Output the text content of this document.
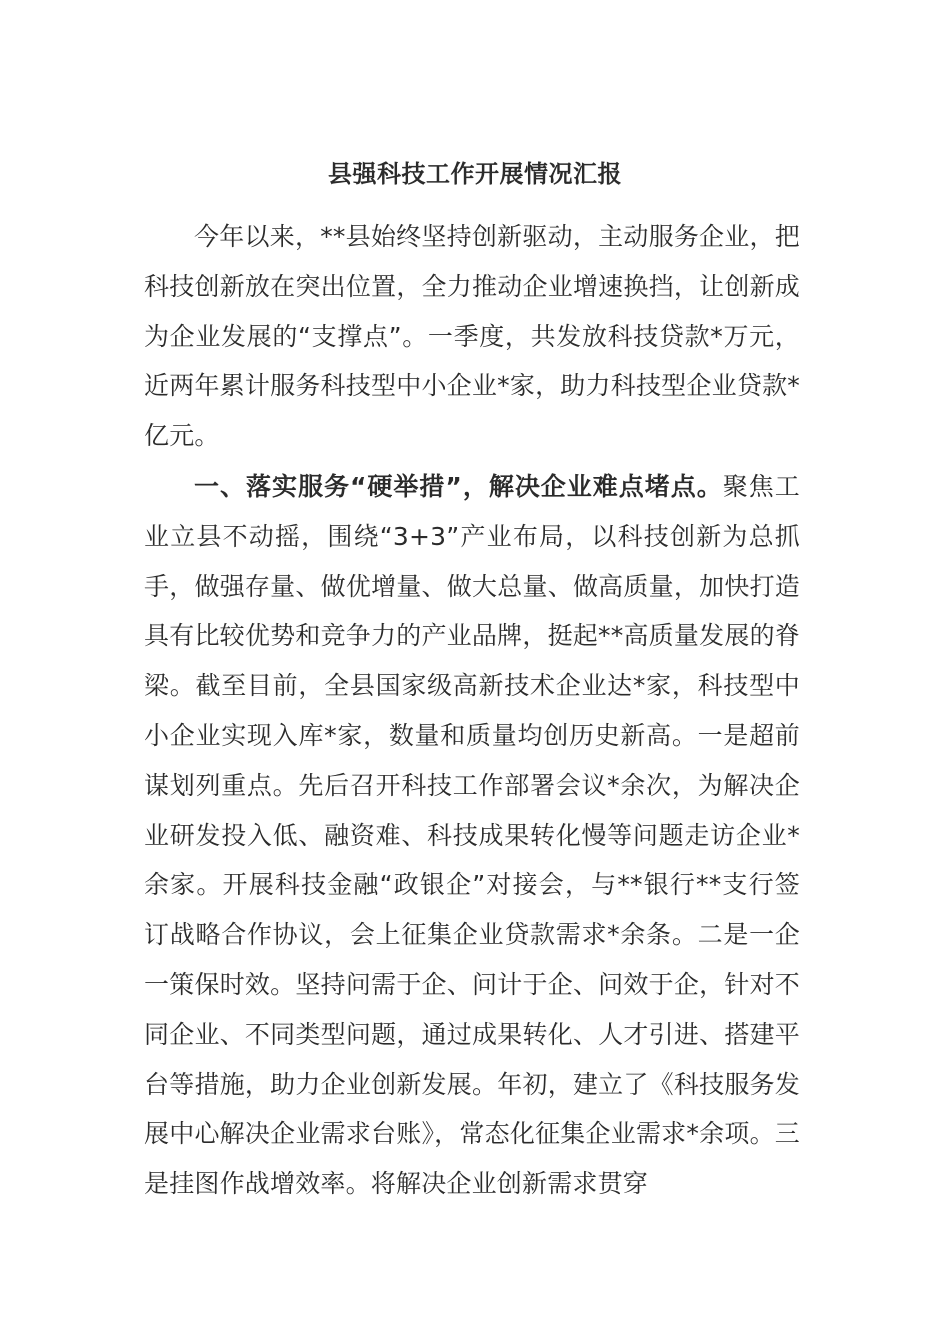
县强科技工作开展情况汇报

今年以来，**县始终坚持创新驱动，主动服务企业，把科技创新放在突出位置，全力推动企业增速换挡，让创新成为企业发展的“支撑点”。一季度，共发放科技贷款*万元，近两年累计服务科技型中小企业*家，助力科技型企业贷款*亿元。

一、落实服务“硬举措”，解决企业难点堵点。聚焦工业立县不动摇，围绕“3+3”产业布局，以科技创新为总抓手，做强存量、做优增量、做大总量、做高质量，加快打造具有比较优势和竞争力的产业品牌，挺起**高质量发展的脊梁。截至目前，全县国家级高新技术企业达*家，科技型中小企业实现入库*家，数量和质量均创历史新高。一是超前谋划列重点。先后召开科技工作部署会议*余次，为解决企业研发投入低、融资难、科技成果转化慢等问题走访企业*余家。开展科技金融“政银企”对接会，与**银行**支行签订战略合作协议，会上征集企业贷款需求*余条。二是一企一策保时效。坚持问需于企、问计于企、问效于企，针对不同企业、不同类型问题，通过成果转化、人才引进、搭建平台等措施，助力企业创新发展。年初，建立了《科技服务发展中心解决企业需求台账》，常态化征集企业需求*余项。三是挂图作战增效率。将解决企业创新需求贯穿
